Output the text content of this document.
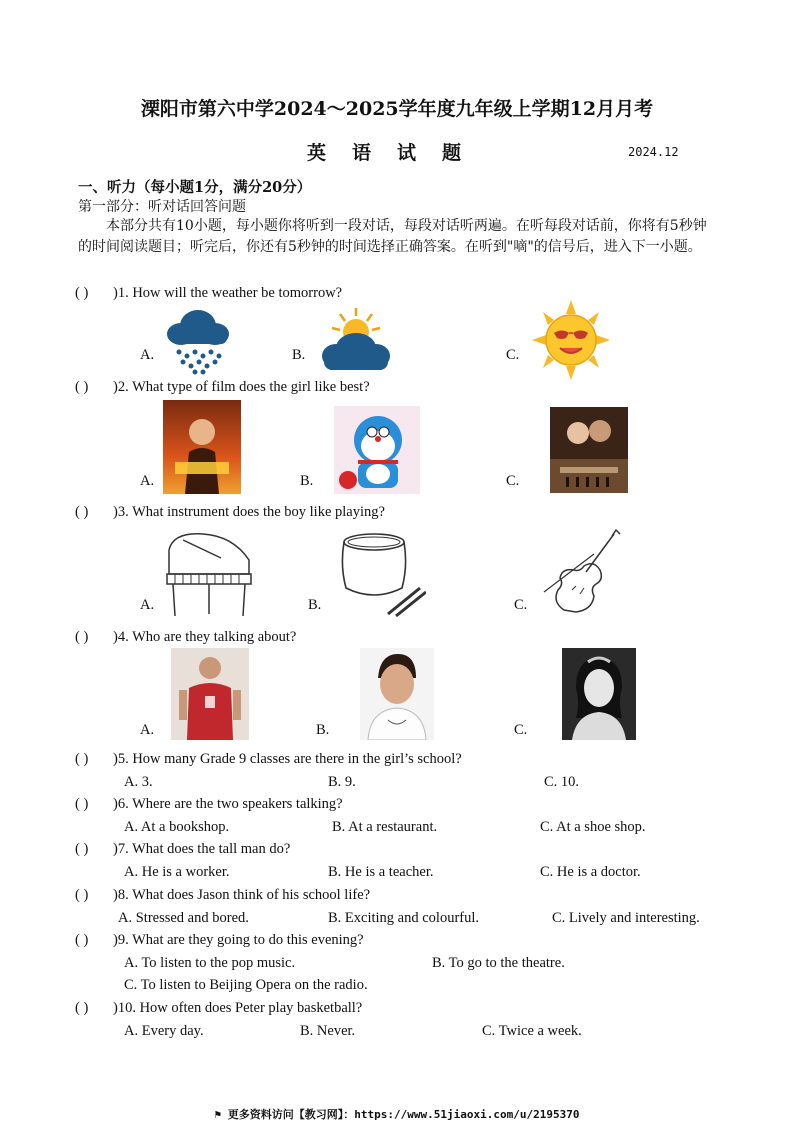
溧阳市第六中学2024～2025学年度九年级上学期12月月考
英语试题	2024.12
一、听力（每小题1分，满分20分）
第一部分：听对话回答问题
本部分共有10小题，每小题你将听到一段对话，每段对话听两遍。在听每段对话前，你将有5秒钟的时间阅读题目；听完后，你还有5秒钟的时间选择正确答案。在听到"嘀"的信号后，进入下一小题。
( ) )1. How will the weather be tomorrow?
A.	B.	C.
( ) )2. What type of film does the girl like best?
A.	B.	C.
( ) )3. What instrument does the boy like playing?
A.	B.	C.
( ) )4. Who are they talking about?
A.	B.	C.
( ) )5. How many Grade 9 classes are there in the girl’s school?
A. 3.	B. 9.	C. 10.
( ) )6. Where are the two speakers talking?
A. At a bookshop.	B. At a restaurant.	C. At a shoe shop.
( ) )7. What does the tall man do?
A. He is a worker.	B. He is a teacher.	C. He is a doctor.
( ) )8. What does Jason think of his school life?
A. Stressed and bored.	B. Exciting and colourful.	C. Lively and interesting.
( ) )9. What are they going to do this evening?
A. To listen to the pop music.	B. To go to the theatre.
C. To listen to Beijing Opera on the radio.
( ) )10. How often does Peter play basketball?
A. Every day.	B. Never.	C. Twice a week.
⚑ 更多资料访问【教习网】：https://www.51jiaoxi.com/u/2195370
